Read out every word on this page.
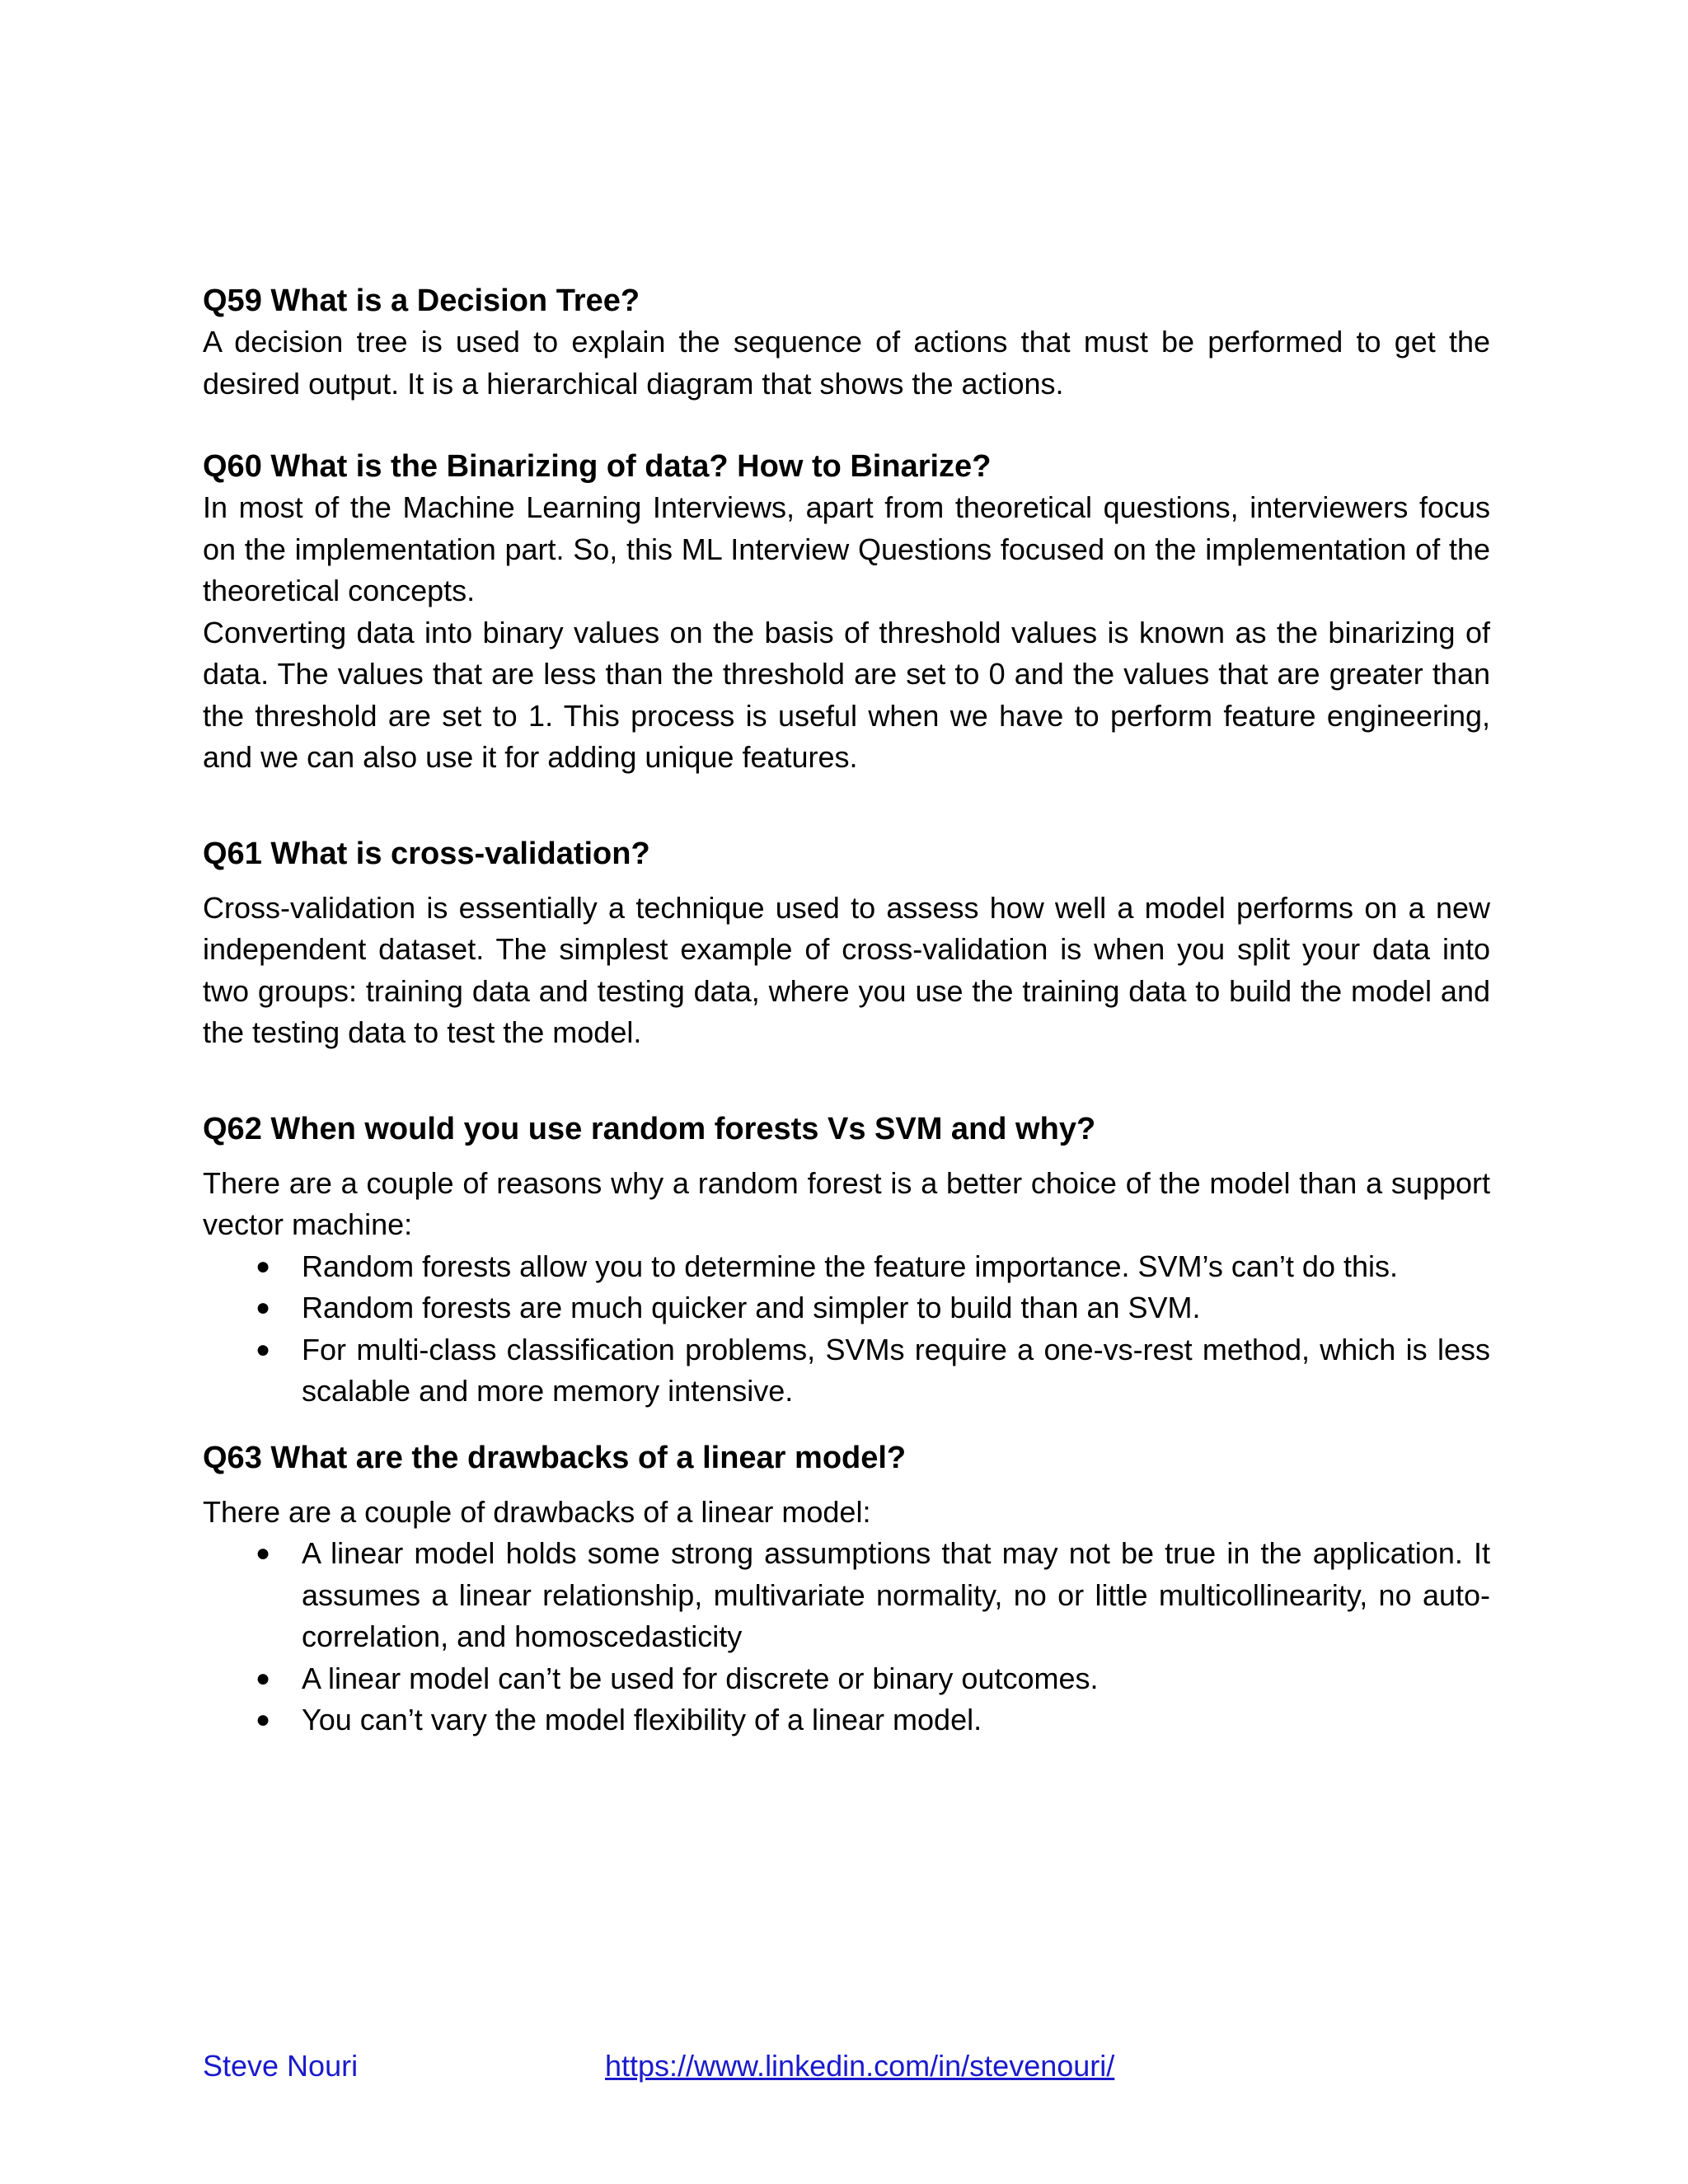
Q59 What is a Decision Tree?

A decision tree is used to explain the sequence of actions that must be performed to get the desired output. It is a hierarchical diagram that shows the actions.

Q60 What is the Binarizing of data? How to Binarize?

In most of the Machine Learning Interviews, apart from theoretical questions, interviewers focus on the implementation part. So, this ML Interview Questions focused on the implementation of the theoretical concepts.

Converting data into binary values on the basis of threshold values is known as the binarizing of data. The values that are less than the threshold are set to 0 and the values that are greater than the threshold are set to 1. This process is useful when we have to perform feature engineering, and we can also use it for adding unique features.

Q61 What is cross-validation?

Cross-validation is essentially a technique used to assess how well a model performs on a new independent dataset. The simplest example of cross-validation is when you split your data into two groups: training data and testing data, where you use the training data to build the model and the testing data to test the model.

Q62 When would you use random forests Vs SVM and why?

There are a couple of reasons why a random forest is a better choice of the model than a support vector machine:

● Random forests allow you to determine the feature importance. SVM’s can’t do this.
● Random forests are much quicker and simpler to build than an SVM.
● For multi-class classification problems, SVMs require a one-vs-rest method, which is less scalable and more memory intensive.
Q63 What are the drawbacks of a linear model?

There are a couple of drawbacks of a linear model:

● A linear model holds some strong assumptions that may not be true in the application. It assumes a linear relationship, multivariate normality, no or little multicollinearity, no auto-correlation, and homoscedasticity
● A linear model can’t be used for discrete or binary outcomes.
● You can’t vary the model flexibility of a linear model.
Steve Nouri	https://www.linkedin.com/in/stevenouri/
